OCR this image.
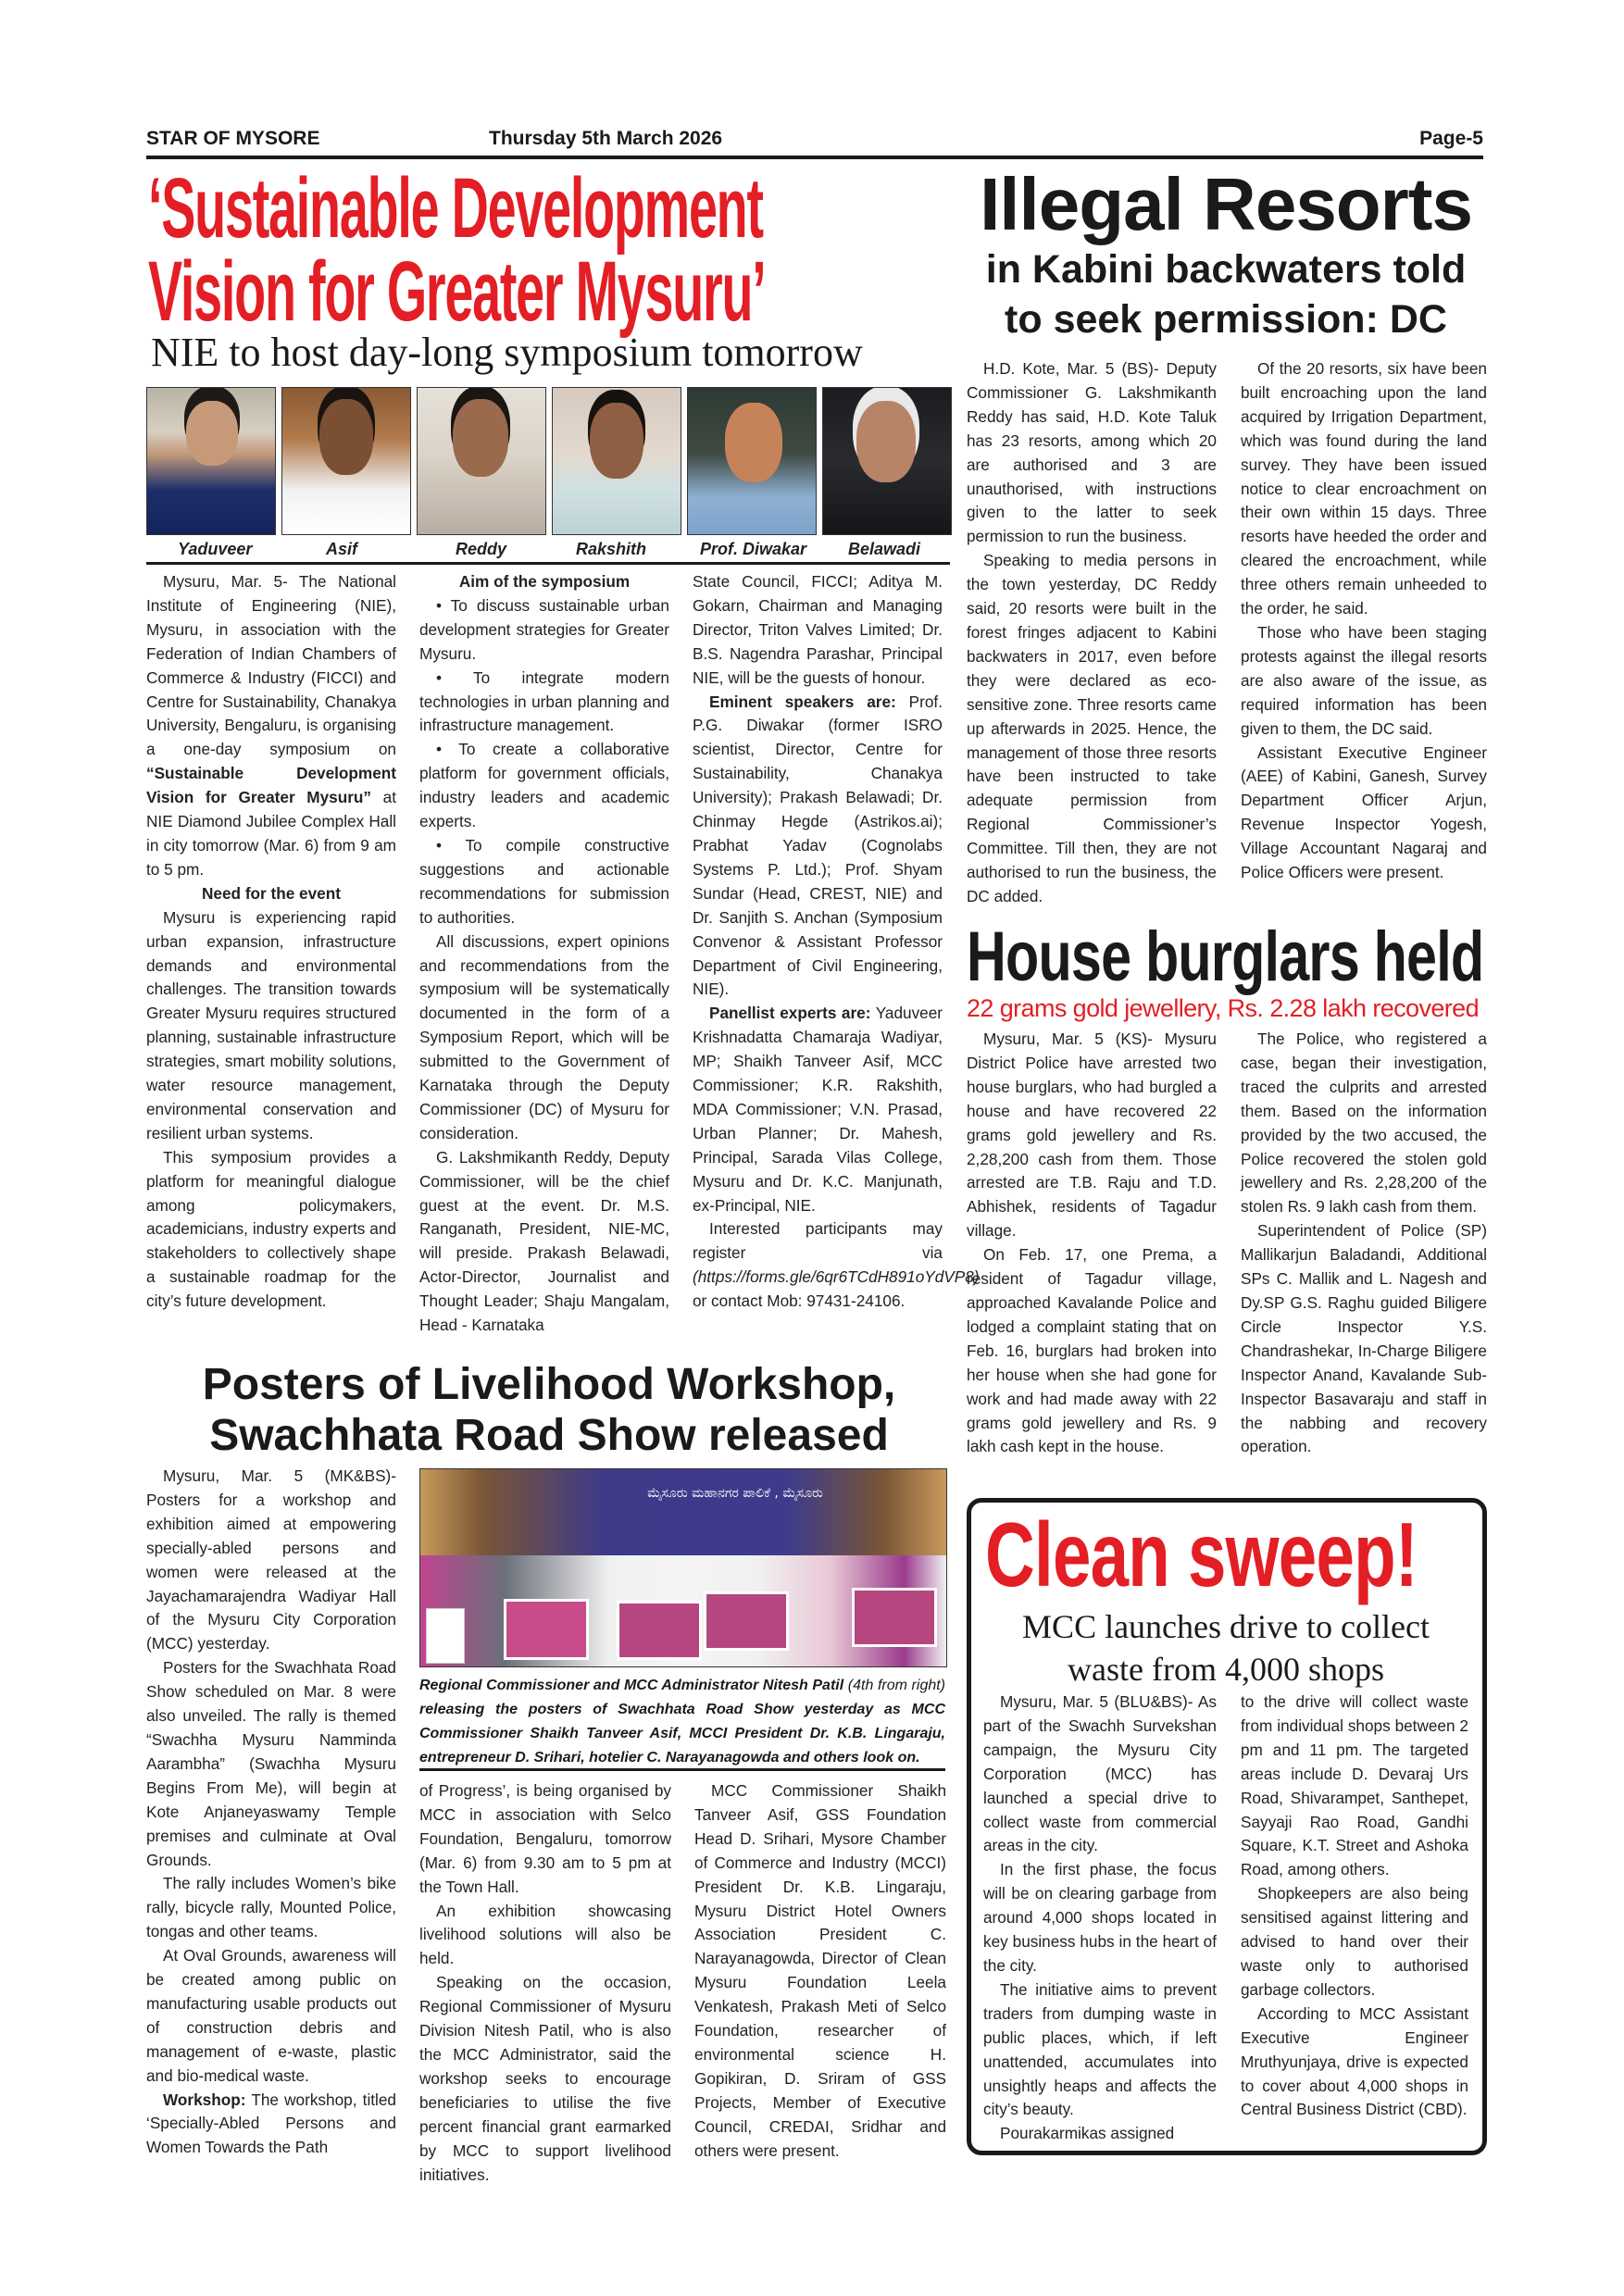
STAR OF MYSORE	Thursday 5th March 2026	Page-5
‘Sustainable Development
Vision for Greater Mysuru’
NIE to host day-long symposium tomorrow
Yaduveer	Asif	Reddy	Rakshith	Prof. Diwakar Belawadi

Mysuru, Mar. 5- The National Institute of Engineering (NIE), Mysuru, in association with the Federation of Indian Chambers of Commerce & Industry (FICCI) and Centre for Sustainability, Chanakya University, Bengaluru, is organising a one-day symposium on “Sustainable Development Vision for Greater Mysuru” at NIE Diamond Jubilee Complex Hall in city tomorrow (Mar. 6) from 9 am to 5 pm.

Need for the event

Mysuru is experiencing rapid urban expansion, infrastructure demands and environmental challenges. The transition towards Greater Mysuru requires structured planning, sustainable infrastructure strategies, smart mobility solutions, water resource management, environmental conservation and resilient urban systems.

This symposium provides a platform for meaningful dialogue among policymakers, academicians, industry experts and stakeholders to collectively shape a sustainable roadmap for the city’s future development.

Aim of the symposium

• To discuss sustainable urban development strategies for Greater Mysuru.

• To integrate modern technologies in urban planning and infrastructure management.

• To create a collaborative platform for government officials, industry leaders and academic experts.

• To compile constructive suggestions and actionable recommendations for submission to authorities.

All discussions, expert opinions and recommendations from the symposium will be systematically documented in the form of a Symposium Report, which will be submitted to the Government of Karnataka through the Deputy Commissioner (DC) of Mysuru for consideration.

G. Lakshmikanth Reddy, Deputy Commissioner, will be the chief guest at the event. Dr. M.S. Ranganath, President, NIE-MC, will preside. Prakash Belawadi, Actor-Director, Journalist and Thought Leader; Shaju Mangalam, Head - Karnataka

State Council, FICCI; Aditya M. Gokarn, Chairman and Managing Director, Triton Valves Limited; Dr. B.S. Nagendra Parashar, Principal NIE, will be the guests of honour.

Eminent speakers are: Prof. P.G. Diwakar (former ISRO scientist, Director, Centre for Sustainability, Chanakya University); Prakash Belawadi; Dr. Chinmay Hegde (Astrikos.ai); Prabhat Yadav (Cognolabs Systems P. Ltd.); Prof. Shyam Sundar (Head, CREST, NIE) and Dr. Sanjith S. Anchan (Symposium Convenor & Assistant Professor Department of Civil Engineering, NIE).

Panellist experts are: Yaduveer Krishnadatta Chamaraja Wadiyar, MP; Shaikh Tanveer Asif, MCC Commissioner; K.R. Rakshith, MDA Commissioner; V.N. Prasad, Urban Planner; Dr. Mahesh, Principal, Sarada Vilas College, Mysuru and Dr. K.C. Manjunath, ex-Principal, NIE.

Interested participants may register via (https://forms.gle/6qr6TCdH891oYdVP8) or contact Mob: 97431-24106.

Posters of Livelihood Workshop,
Swachhata Road Show released

Mysuru, Mar. 5 (MK&BS)- Posters for a workshop and exhibition aimed at empowering specially-abled persons and women were released at the Jayachamarajendra Wadiyar Hall of the Mysuru City Corporation (MCC) yesterday.

Posters for the Swachhata Road Show scheduled on Mar. 8 were also unveiled. The rally is themed “Swachha Mysuru Namminda Aarambha” (Swachha Mysuru Begins From Me), will begin at Kote Anjaneyaswamy Temple premises and culminate at Oval Grounds.

The rally includes Women’s bike rally, bicycle rally, Mounted Police, tongas and other teams.

At Oval Grounds, awareness will be created among public on manufacturing usable products out of construction debris and management of e-waste, plastic and bio-medical waste.

Workshop: The workshop, titled ‘Specially-Abled Persons and Women Towards the Path

ಮೈಸೂರು ಮಹಾನಗರ ಪಾಲಿಕೆ , ಮೈಸೂರು
Regional Commissioner and MCC Administrator Nitesh Patil (4th from right) releasing the posters of Swachhata Road Show yesterday as MCC Commissioner Shaikh Tanveer Asif, MCCI President Dr. K.B. Lingaraju, entrepreneur D. Srihari, hotelier C. Narayanagowda and others look on.

of Progress’, is being organised by MCC in association with Selco Foundation, Bengaluru, tomorrow (Mar. 6) from 9.30 am to 5 pm at the Town Hall.

An exhibition showcasing livelihood solutions will also be held.

Speaking on the occasion, Regional Commissioner of Mysuru Division Nitesh Patil, who is also the MCC Administrator, said the workshop seeks to encourage beneficiaries to utilise the five percent financial grant earmarked by MCC to support livelihood initiatives.

MCC Commissioner Shaikh Tanveer Asif, GSS Foundation Head D. Srihari, Mysore Chamber of Commerce and Industry (MCCI) President Dr. K.B. Lingaraju, Mysuru District Hotel Owners Association President C. Narayanagowda, Director of Clean Mysuru Foundation Leela Venkatesh, Prakash Meti of Selco Foundation, researcher of environmental science H. Gopikiran, D. Sriram of GSS Projects, Member of Executive Council, CREDAI, Sridhar and others were present.

Illegal Resorts
in Kabini backwaters told
to seek permission: DC

H.D. Kote, Mar. 5 (BS)- Deputy Commissioner G. Lakshmikanth Reddy has said, H.D. Kote Taluk has 23 resorts, among which 20 are authorised and 3 are unauthorised, with instructions given to the latter to seek permission to run the business.

Speaking to media persons in the town yesterday, DC Reddy said, 20 resorts were built in the forest fringes adjacent to Kabini backwaters in 2017, even before they were declared as eco-sensitive zone. Three resorts came up afterwards in 2025. Hence, the management of those three resorts have been instructed to take adequate permission from Regional Commissioner’s Committee. Till then, they are not authorised to run the business, the DC added.

Of the 20 resorts, six have been built encroaching upon the land acquired by Irrigation Department, which was found during the land survey. They have been issued notice to clear encroachment on their own within 15 days. Three resorts have heeded the order and cleared the encroachment, while three others remain unheeded to the order, he said.

Those who have been staging protests against the illegal resorts are also aware of the issue, as required information has been given to them, the DC said.

Assistant Executive Engineer (AEE) of Kabini, Ganesh, Survey Department Officer Arjun, Revenue Inspector Yogesh, Village Accountant Nagaraj and Police Officers were present.

House burglars held
22 grams gold jewellery, Rs. 2.28 lakh recovered

Mysuru, Mar. 5 (KS)- Mysuru District Police have arrested two house burglars, who had burgled a house and have recovered 22 grams gold jewellery and Rs. 2,28,200 cash from them. Those arrested are T.B. Raju and T.D. Abhishek, residents of Tagadur village.

On Feb. 17, one Prema, a resident of Tagadur village, approached Kavalande Police and lodged a complaint stating that on Feb. 16, burglars had broken into her house when she had gone for work and had made away with 22 grams gold jewellery and Rs. 9 lakh cash kept in the house.

The Police, who registered a case, began their investigation, traced the culprits and arrested them. Based on the information provided by the two accused, the Police recovered the stolen gold jewellery and Rs. 2,28,200 of the stolen Rs. 9 lakh cash from them.

Superintendent of Police (SP) Mallikarjun Baladandi, Additional SPs C. Mallik and L. Nagesh and Dy.SP G.S. Raghu guided Biligere Circle Inspector Y.S. Chandrashekar, In-Charge Biligere Inspector Anand, Kavalande Sub-Inspector Basavaraju and staff in the nabbing and recovery operation.

Clean sweep!
MCC launches drive to collect
waste from 4,000 shops

Mysuru, Mar. 5 (BLU&BS)- As part of the Swachh Survekshan campaign, the Mysuru City Corporation (MCC) has launched a special drive to collect waste from commercial areas in the city.

In the first phase, the focus will be on clearing garbage from around 4,000 shops located in key business hubs in the heart of the city.

The initiative aims to prevent traders from dumping waste in public places, which, if left unattended, accumulates into unsightly heaps and affects the city’s beauty.

Pourakarmikas assigned

to the drive will collect waste from individual shops between 2 pm and 11 pm. The targeted areas include D. Devaraj Urs Road, Shivarampet, Santhepet, Sayyaji Rao Road, Gandhi Square, K.T. Street and Ashoka Road, among others.

Shopkeepers are also being sensitised against littering and advised to hand over their waste only to authorised garbage collectors.

According to MCC Assistant Executive Engineer Mruthyunjaya, drive is expected to cover about 4,000 shops in Central Business District (CBD).
